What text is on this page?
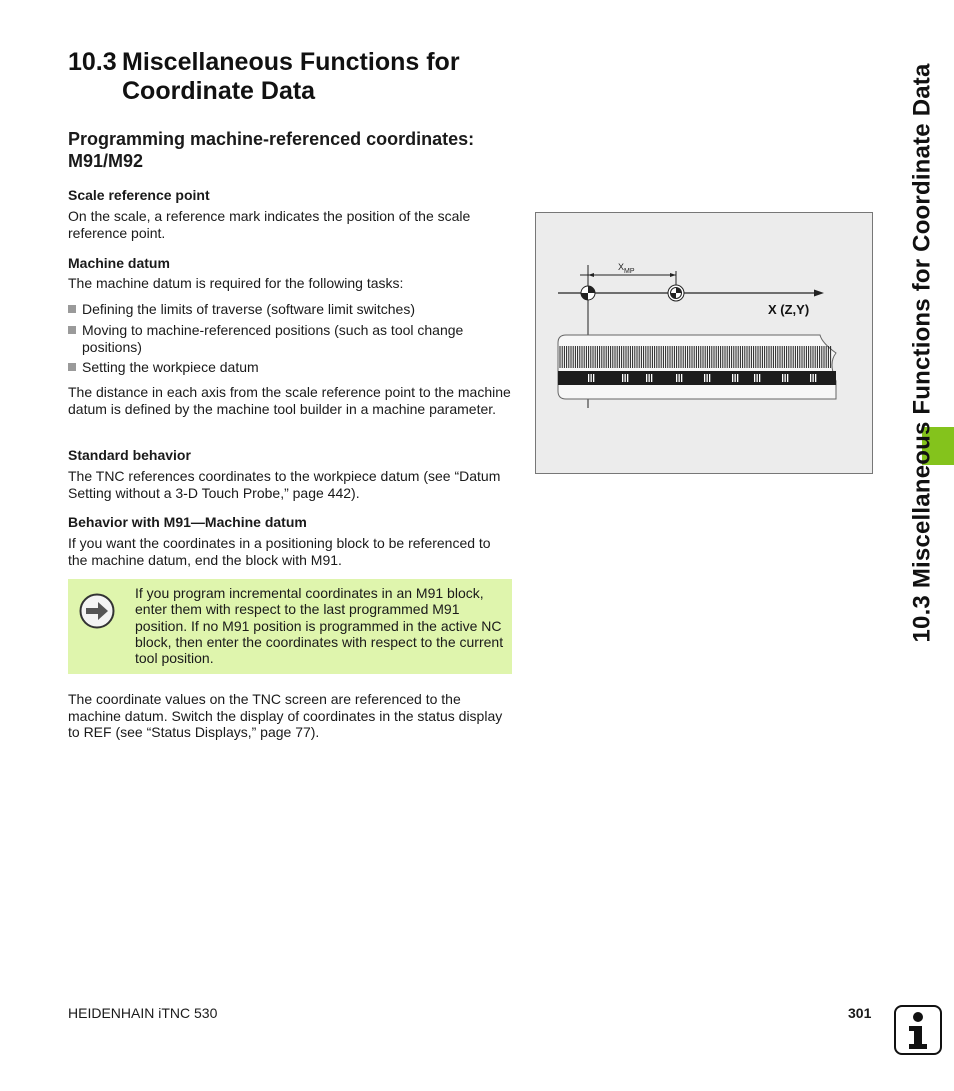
10.3 Miscellaneous Functions for
Coordinate Data
Programming machine-referenced coordinates:
M91/M92
Scale reference point
On the scale, a reference mark indicates the position of the scale reference point.
Machine datum
The machine datum is required for the following tasks:
Defining the limits of traverse (software limit switches)
Moving to machine-referenced positions (such as tool change positions)
Setting the workpiece datum
The distance in each axis from the scale reference point to the machine datum is defined by the machine tool builder in a machine parameter.
Standard behavior
The TNC references coordinates to the workpiece datum (see “Datum Setting without a 3-D Touch Probe,” page 442).
Behavior with M91—Machine datum
If you want the coordinates in a positioning block to be referenced to the machine datum, end the block with M91.
If you program incremental coordinates in an M91 block, enter them with respect to the last programmed M91 position. If no M91 position is programmed in the active NC block, then enter the coordinates with respect to the current tool position.
The coordinate values on the TNC screen are referenced to the machine datum. Switch the display of coordinates in the status display to REF (see “Status Displays,” page 77).
$X_{MP}$
X (Z,Y)	10.3 Miscellaneous Functions for Coordinate Data
HEIDENHAIN iTNC 530	301
